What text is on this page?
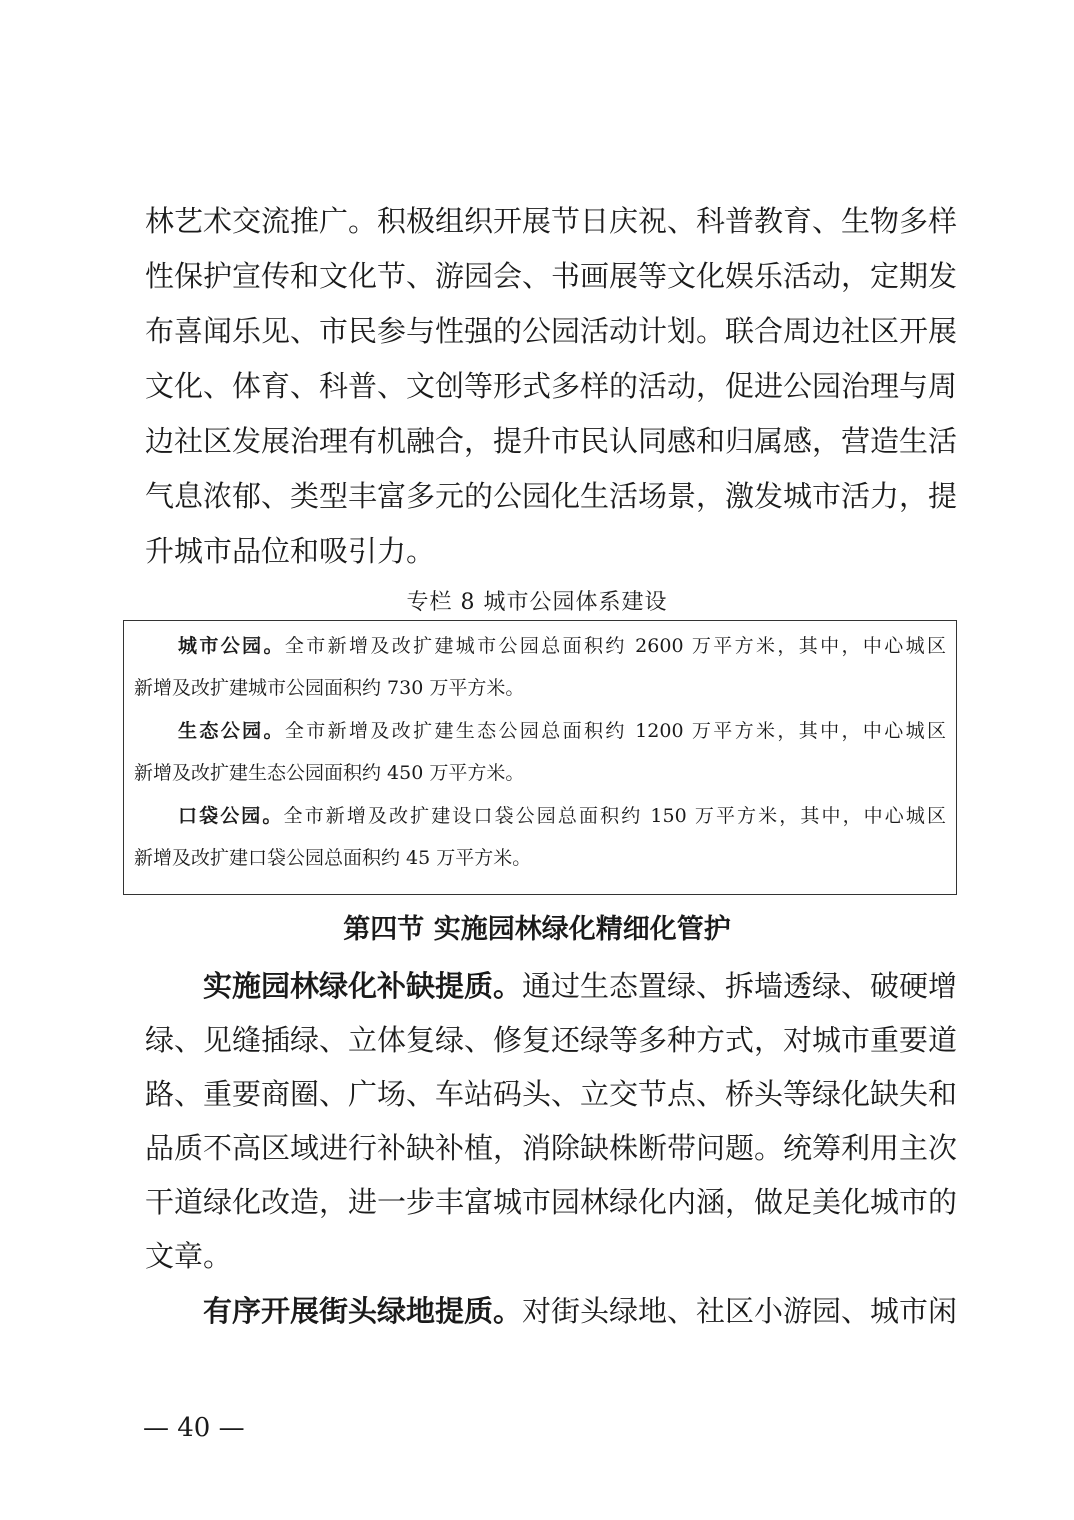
林艺术交流推广。积极组织开展节日庆祝、科普教育、生物多样
性保护宣传和文化节、游园会、书画展等文化娱乐活动，定期发
布喜闻乐见、市民参与性强的公园活动计划。联合周边社区开展
文化、体育、科普、文创等形式多样的活动，促进公园治理与周
边社区发展治理有机融合，提升市民认同感和归属感，营造生活
气息浓郁、类型丰富多元的公园化生活场景，激发城市活力，提
升城市品位和吸引力。
专栏 8 城市公园体系建设
城市公园。全市新增及改扩建城市公园总面积约 2600 万平方米，其中，中心城区
新增及改扩建城市公园面积约 730 万平方米。
生态公园。全市新增及改扩建生态公园总面积约 1200 万平方米，其中，中心城区
新增及改扩建生态公园面积约 450 万平方米。
口袋公园。全市新增及改扩建设口袋公园总面积约 150 万平方米，其中，中心城区
新增及改扩建口袋公园总面积约 45 万平方米。
第四节 实施园林绿化精细化管护
实施园林绿化补缺提质。通过生态置绿、拆墙透绿、破硬增
绿、见缝插绿、立体复绿、修复还绿等多种方式，对城市重要道
路、重要商圈、广场、车站码头、立交节点、桥头等绿化缺失和
品质不高区域进行补缺补植，消除缺株断带问题。统筹利用主次
干道绿化改造，进一步丰富城市园林绿化内涵，做足美化城市的
文章。
有序开展街头绿地提质。对街头绿地、社区小游园、城市闲
— 40 —
